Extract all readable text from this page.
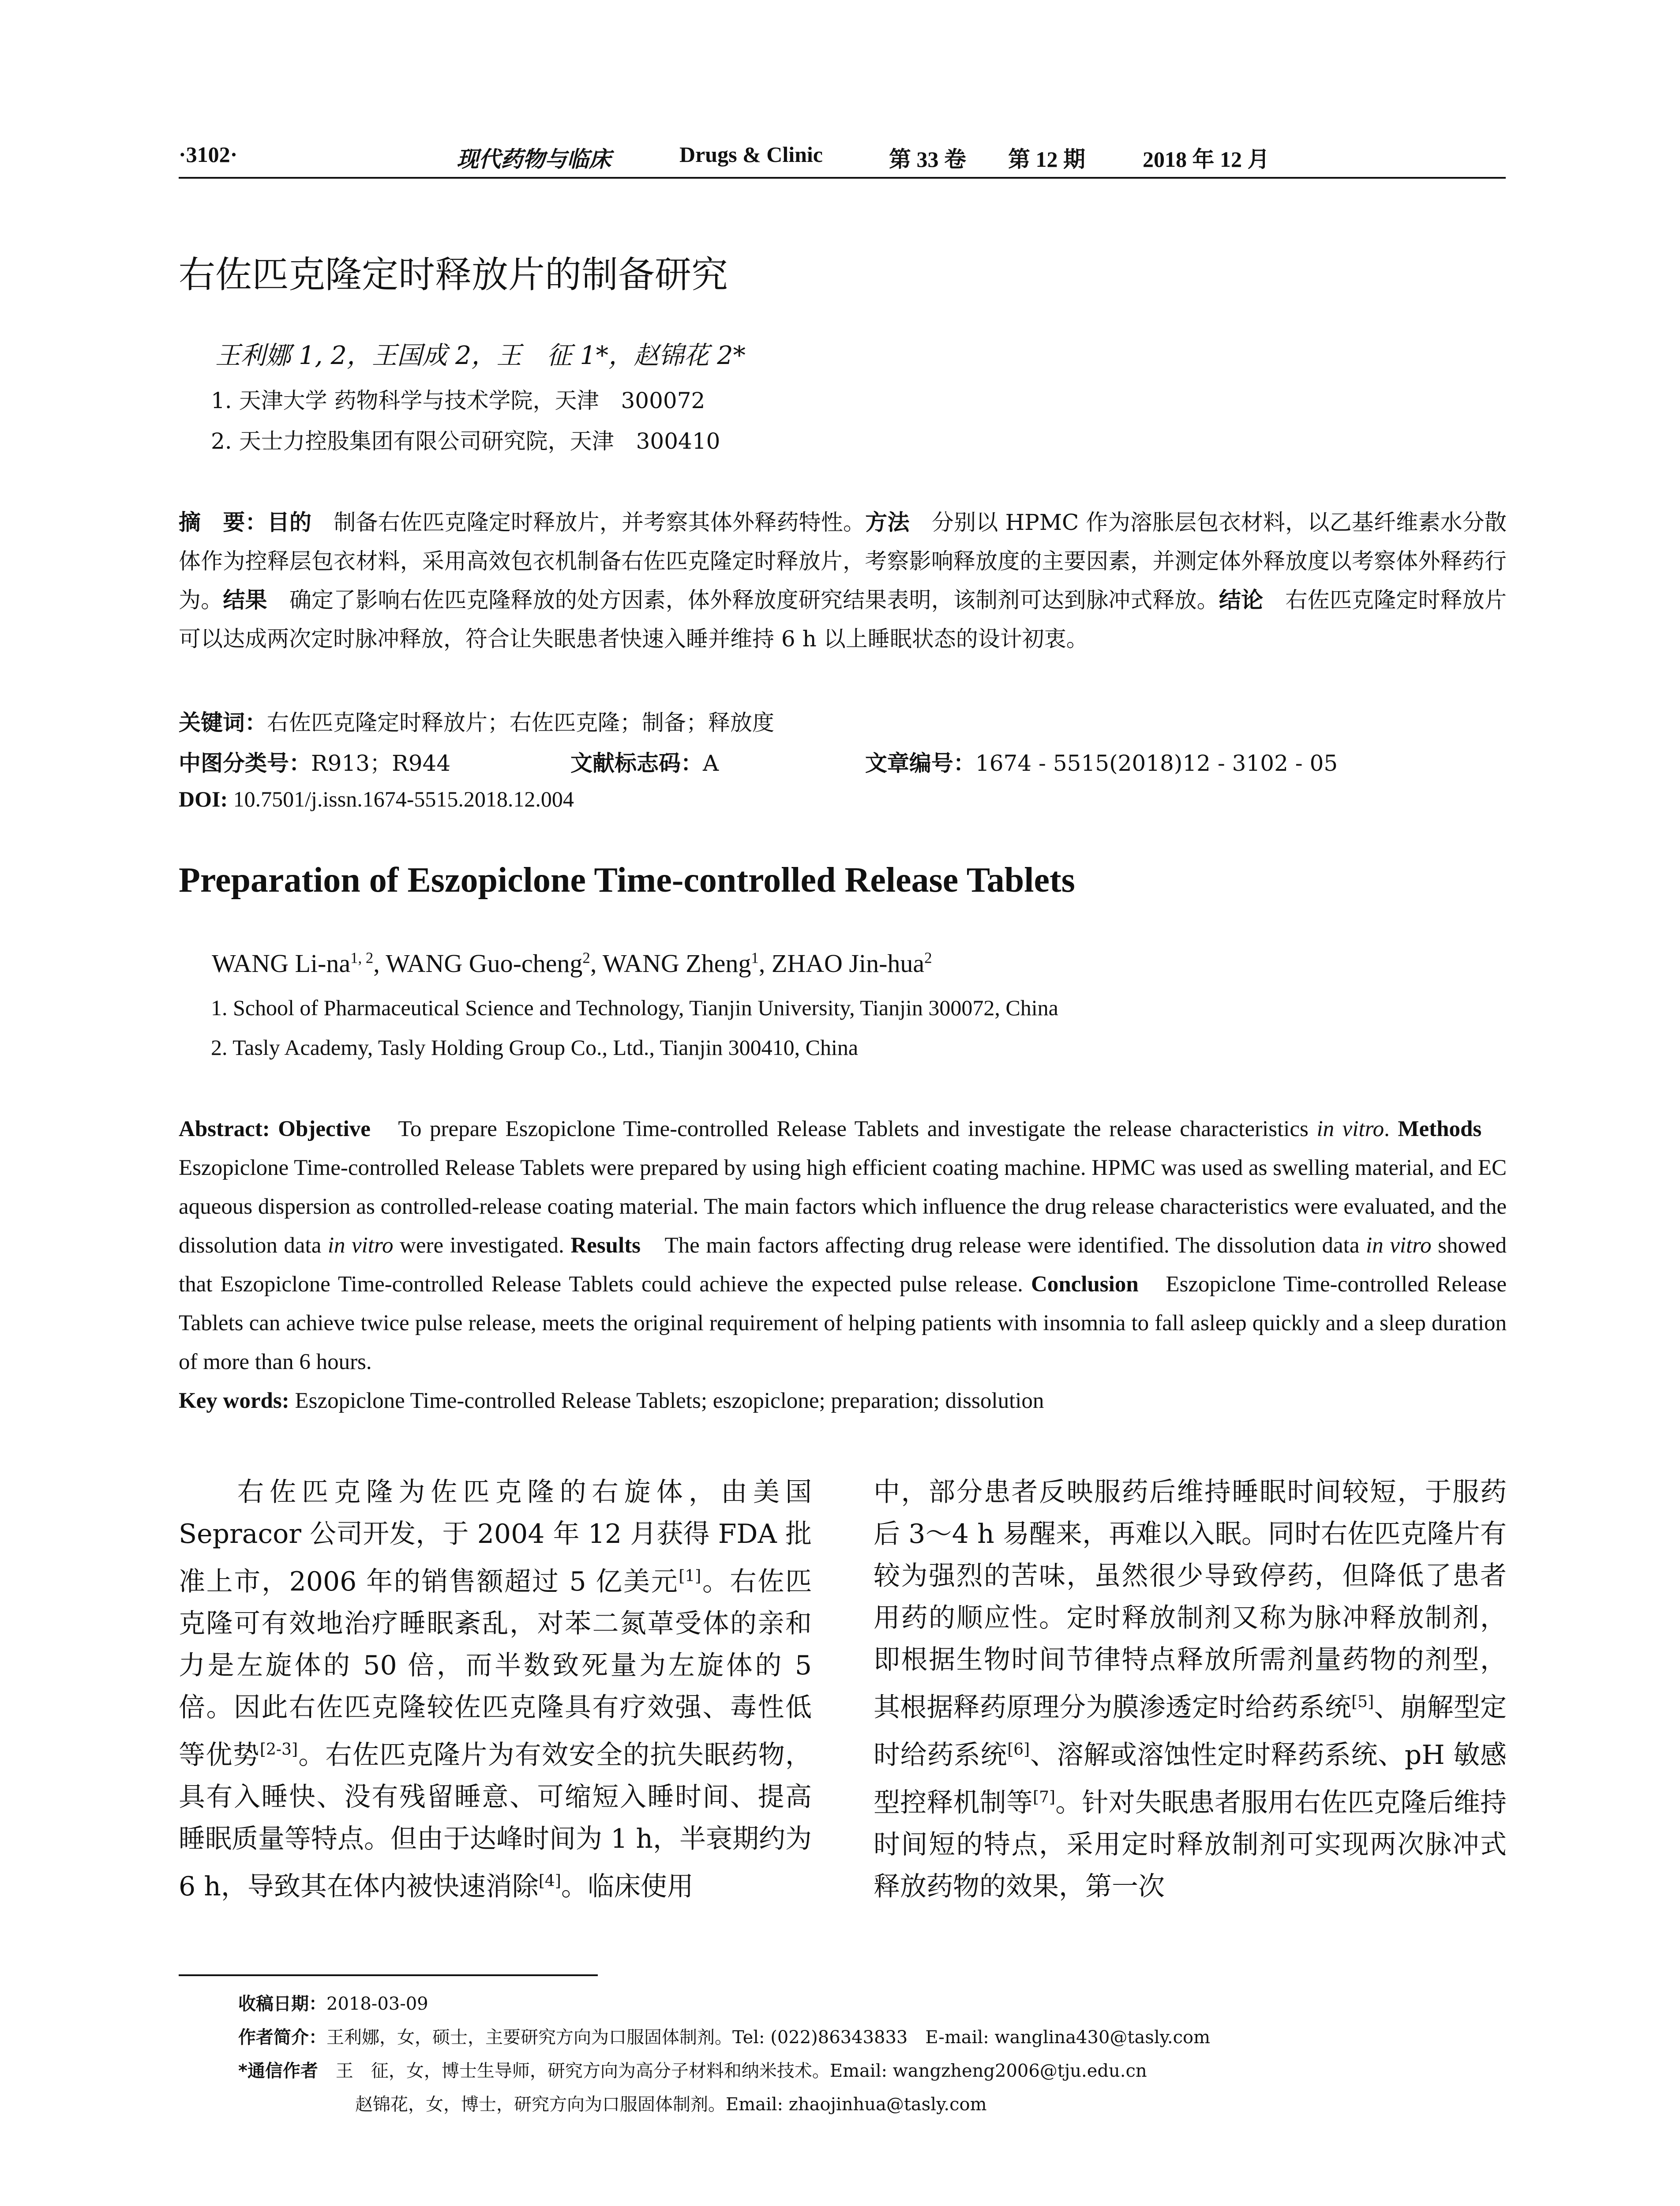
·3102·	现代药物与临床	Drugs & Clinic	第 33 卷 第 12 期	2018 年 12 月
右佐匹克隆定时释放片的制备研究
王利娜 1, 2，王国成 2，王　征 1*，赵锦花 2*
1. 天津大学 药物科学与技术学院，天津　300072
2. 天士力控股集团有限公司研究院，天津　300410
摘　要：目的　制备右佐匹克隆定时释放片，并考察其体外释药特性。方法　分别以 HPMC 作为溶胀层包衣材料，以乙基纤维素水分散体作为控释层包衣材料，采用高效包衣机制备右佐匹克隆定时释放片，考察影响释放度的主要因素，并测定体外释放度以考察体外释药行为。结果　确定了影响右佐匹克隆释放的处方因素，体外释放度研究结果表明，该制剂可达到脉冲式释放。结论　右佐匹克隆定时释放片可以达成两次定时脉冲释放，符合让失眠患者快速入睡并维持 6 h 以上睡眠状态的设计初衷。
关键词：右佐匹克隆定时释放片；右佐匹克隆；制备；释放度
中图分类号：R913；R944	文献标志码：A	文章编号：1674 - 5515(2018)12 - 3102 - 05
DOI: 10.7501/j.issn.1674-5515.2018.12.004
Preparation of Eszopiclone Time-controlled Release Tablets
WANG Li-na$^{1, 2}$, WANG Guo-cheng$^2$, WANG Zheng$^1$, ZHAO Jin-hua$^2$
1. School of Pharmaceutical Science and Technology, Tianjin University, Tianjin 300072, China
2. Tasly Academy, Tasly Holding Group Co., Ltd., Tianjin 300410, China
Abstract: Objective　To prepare Eszopiclone Time-controlled Release Tablets and investigate the release characteristics in vitro. Methods　Eszopiclone Time-controlled Release Tablets were prepared by using high efficient coating machine. HPMC was used as swelling material, and EC aqueous dispersion as controlled-release coating material. The main factors which influence the drug release characteristics were evaluated, and the dissolution data in vitro were investigated. Results　The main factors affecting drug release were identified. The dissolution data in vitro showed that Eszopiclone Time-controlled Release Tablets could achieve the expected pulse release. Conclusion　Eszopiclone Time-controlled Release Tablets can achieve twice pulse release, meets the original requirement of helping patients with insomnia to fall asleep quickly and a sleep duration of more than 6 hours.
Key words: Eszopiclone Time-controlled Release Tablets; eszopiclone; preparation; dissolution
右佐匹克隆为佐匹克隆的右旋体，由美国 Sepracor 公司开发，于 2004 年 12 月获得 FDA 批准上市，2006 年的销售额超过 5 亿美元[1]。右佐匹克隆可有效地治疗睡眠紊乱，对苯二氮䓬受体的亲和力是左旋体的 50 倍，而半数致死量为左旋体的 5 倍。因此右佐匹克隆较佐匹克隆具有疗效强、毒性低等优势[2-3]。右佐匹克隆片为有效安全的抗失眠药物，具有入睡快、没有残留睡意、可缩短入睡时间、提高睡眠质量等特点。但由于达峰时间为 1 h，半衰期约为 6 h，导致其在体内被快速消除[4]。临床使用
中，部分患者反映服药后维持睡眠时间较短，于服药后 3～4 h 易醒来，再难以入眠。同时右佐匹克隆片有较为强烈的苦味，虽然很少导致停药，但降低了患者用药的顺应性。定时释放制剂又称为脉冲释放制剂，即根据生物时间节律特点释放所需剂量药物的剂型，其根据释药原理分为膜渗透定时给药系统[5]、崩解型定时给药系统[6]、溶解或溶蚀性定时释药系统、pH 敏感型控释机制等[7]。针对失眠患者服用右佐匹克隆后维持时间短的特点，采用定时释放制剂可实现两次脉冲式释放药物的效果，第一次
收稿日期：2018-03-09
作者简介：王利娜，女，硕士，主要研究方向为口服固体制剂。Tel: (022)86343833　E-mail: wanglina430@tasly.com
*通信作者　王　征，女，博士生导师，研究方向为高分子材料和纳米技术。Email: wangzheng2006@tju.edu.cn
赵锦花，女，博士，研究方向为口服固体制剂。Email: zhaojinhua@tasly.com
